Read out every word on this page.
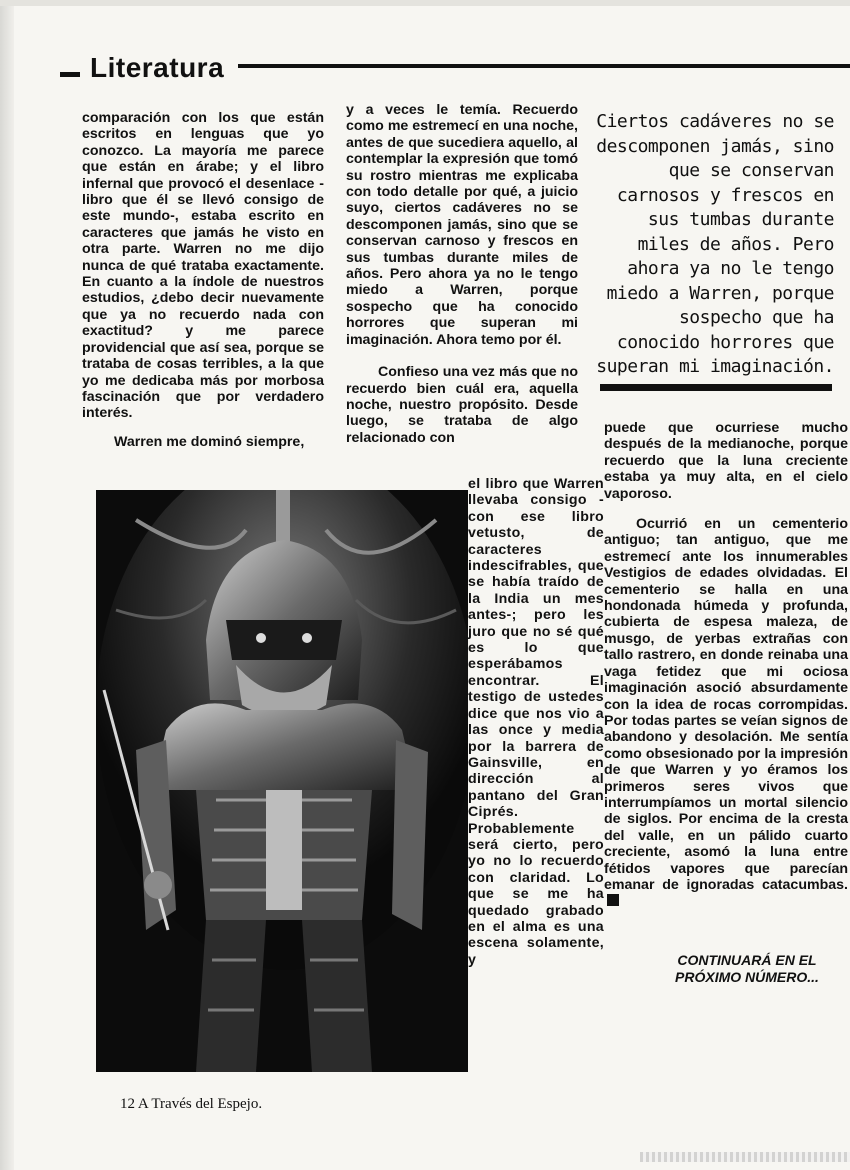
Literatura

comparación con los que están escritos en lenguas que yo conozco. La mayoría me parece que están en árabe; y el libro infernal que provocó el desenlace -libro que él se llevó consigo de este mundo-, estaba escrito en caracteres que jamás he visto en otra parte. Warren no me dijo nunca de qué trataba exactamente. En cuanto a la índole de nuestros estudios, ¿debo decir nuevamente que ya no recuerdo nada con exactitud? y me parece providencial que así sea, porque se trataba de cosas terribles, a la que yo me dedicaba más por morbosa fascinación que por verdadero interés.

Warren me dominó siempre,

y a veces le temía. Recuerdo como me estremecí en una noche, antes de que sucediera aquello, al contemplar la expresión que tomó su rostro mientras me explicaba con todo detalle por qué, a juicio suyo, ciertos cadáveres no se descomponen jamás, sino que se conservan carnoso y frescos en sus tumbas durante miles de años. Pero ahora ya no le tengo miedo a Warren, porque sospecho que ha conocido horrores que superan mi imaginación. Ahora temo por él.

Confieso una vez más que no recuerdo bien cuál era, aquella noche, nuestro propósito. Desde luego, se trataba de algo relacionado con

el libro que Warren llevaba consigo -con ese libro vetusto, de caracteres indescifrables, que se había traído de la India un mes antes-; pero les juro que no sé qué es lo que esperábamos encontrar. El testigo de ustedes dice que nos vio a las once y media por la barrera de Gainsville, en dirección al pantano del Gran Ciprés. Probablemente será cierto, pero yo no lo recuerdo con claridad. Lo que se me ha quedado grabado en el alma es una escena solamente, y

Ciertos cadáveres no se descomponen jamás, sino que se conservan carnosos y frescos en sus tumbas durante miles de años. Pero ahora ya no le tengo miedo a Warren, porque sospecho que ha conocido horrores que superan mi imaginación.

puede que ocurriese mucho después de la medianoche, porque recuerdo que la luna creciente estaba ya muy alta, en el cielo vaporoso.

Ocurrió en un cementerio antiguo; tan antiguo, que me estremecí ante los innumerables Vestigios de edades olvidadas. El cementerio se halla en una hondonada húmeda y profunda, cubierta de espesa maleza, de musgo, de yerbas extrañas con tallo rastrero, en donde reinaba una vaga fetidez que mi ociosa imaginación asoció absurdamente con la idea de rocas corrompidas. Por todas partes se veían signos de abandono y desolación. Me sentía como obsesionado por la impresión de que Warren y yo éramos los primeros seres vivos que interrumpíamos un mortal silencio de siglos. Por encima de la cresta del valle, en un pálido cuarto creciente, asomó la luna entre fétidos vapores que parecían emanar de ignoradas catacumbas.

CONTINUARÁ EN EL PRÓXIMO NÚMERO...
12 A Través del Espejo.
